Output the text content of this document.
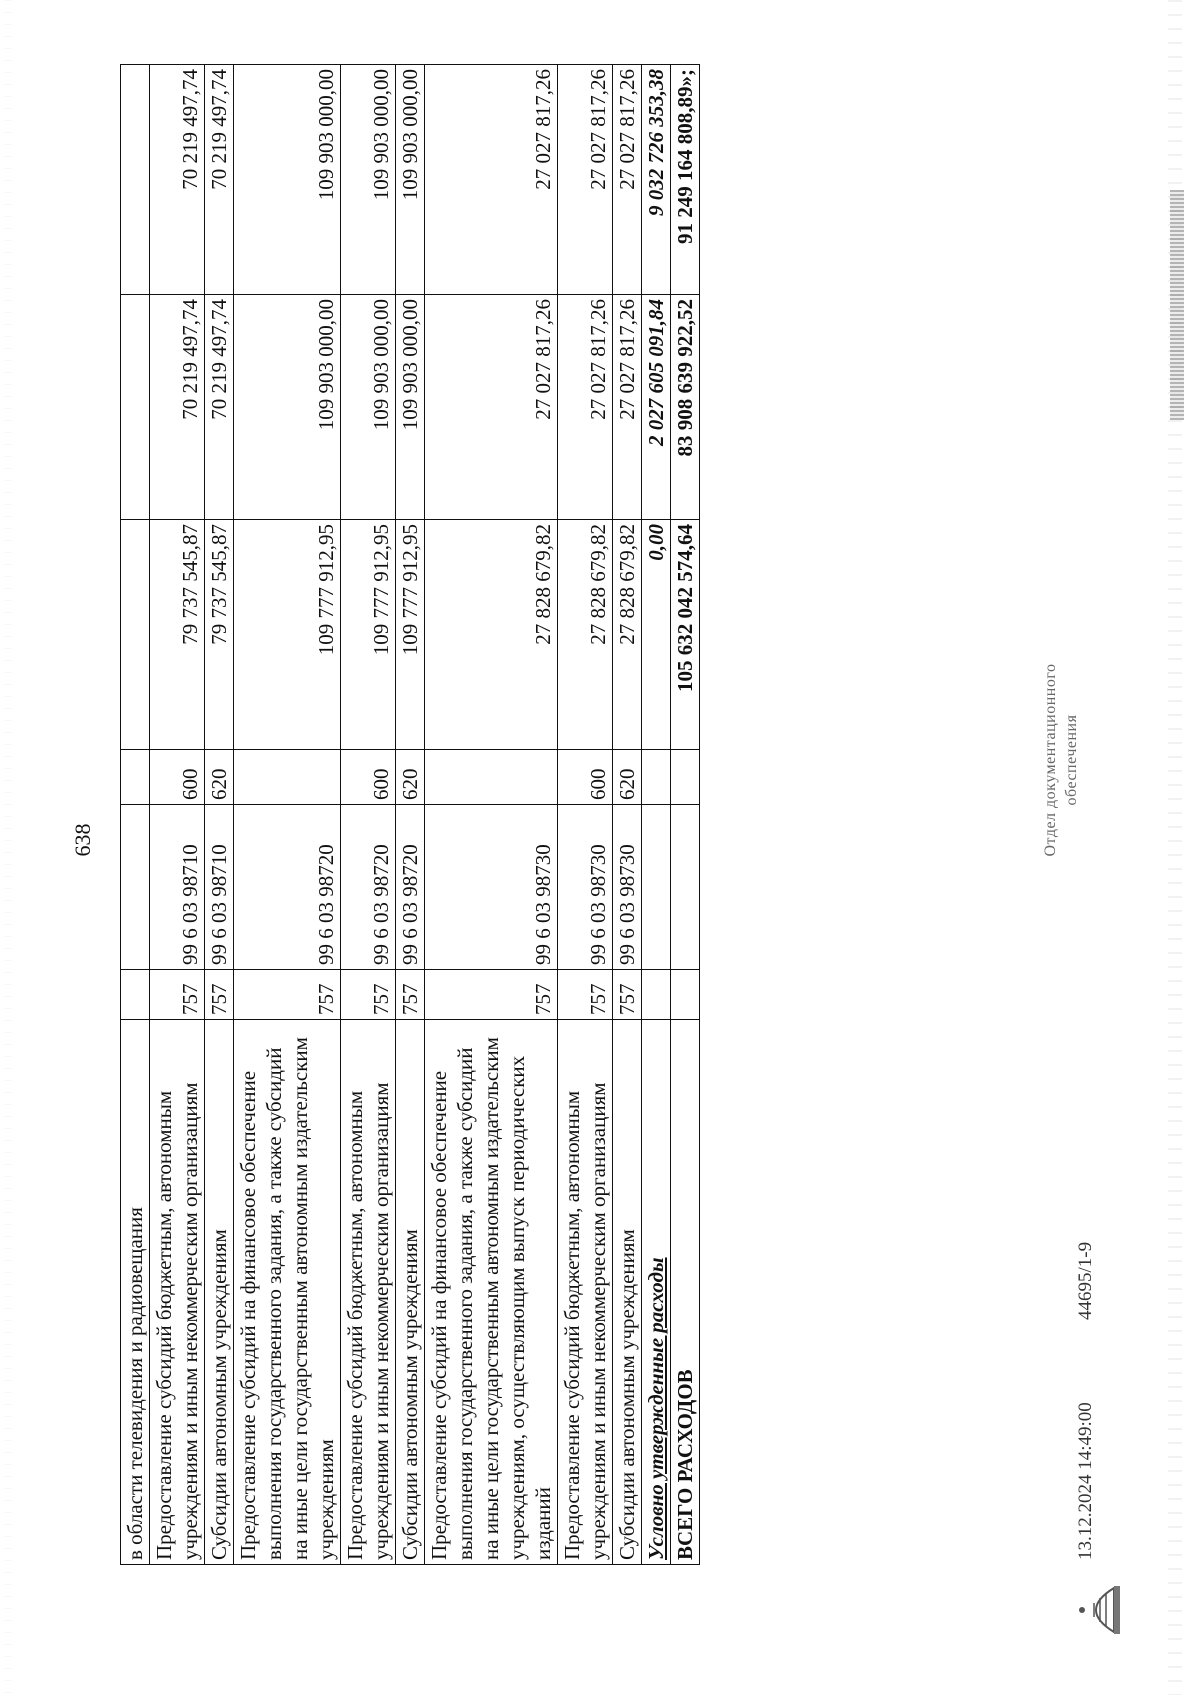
638
в области телевидения и радиовещания						
Предоставление субсидий бюджетным, автономным учреждениям и иным некоммерческим организациям	757	99 6 03 98710	600	79 737 545,87	70 219 497,74	70 219 497,74
Субсидии автономным учреждениям	757	99 6 03 98710	620	79 737 545,87	70 219 497,74	70 219 497,74
Предоставление субсидий на финансовое обеспечение выполнения государственного задания, а также субсидий на иные цели государственным автономным издательским учреждениям	757	99 6 03 98720		109 777 912,95	109 903 000,00	109 903 000,00
Предоставление субсидий бюджетным, автономным учреждениям и иным некоммерческим организациям	757	99 6 03 98720	600	109 777 912,95	109 903 000,00	109 903 000,00
Субсидии автономным учреждениям	757	99 6 03 98720	620	109 777 912,95	109 903 000,00	109 903 000,00
Предоставление субсидий на финансовое обеспечение выполнения государственного задания, а также субсидий на иные цели государственным автономным издательским учреждениям, осуществляющим выпуск периодических изданий	757	99 6 03 98730		27 828 679,82	27 027 817,26	27 027 817,26
Предоставление субсидий бюджетным, автономным учреждениям и иным некоммерческим организациям	757	99 6 03 98730	600	27 828 679,82	27 027 817,26	27 027 817,26
Субсидии автономным учреждениям	757	99 6 03 98730	620	27 828 679,82	27 027 817,26	27 027 817,26
Условно утвержденные расходы				0,00	2 027 605 091,84	9 032 726 353,38
ВСЕГО РАСХОДОВ				105 632 042 574,64	83 908 639 922,52	91 249 164 808,89»;
13.12.2024 14:49:00
44695/1-9
Отдел документационного обеспечения
